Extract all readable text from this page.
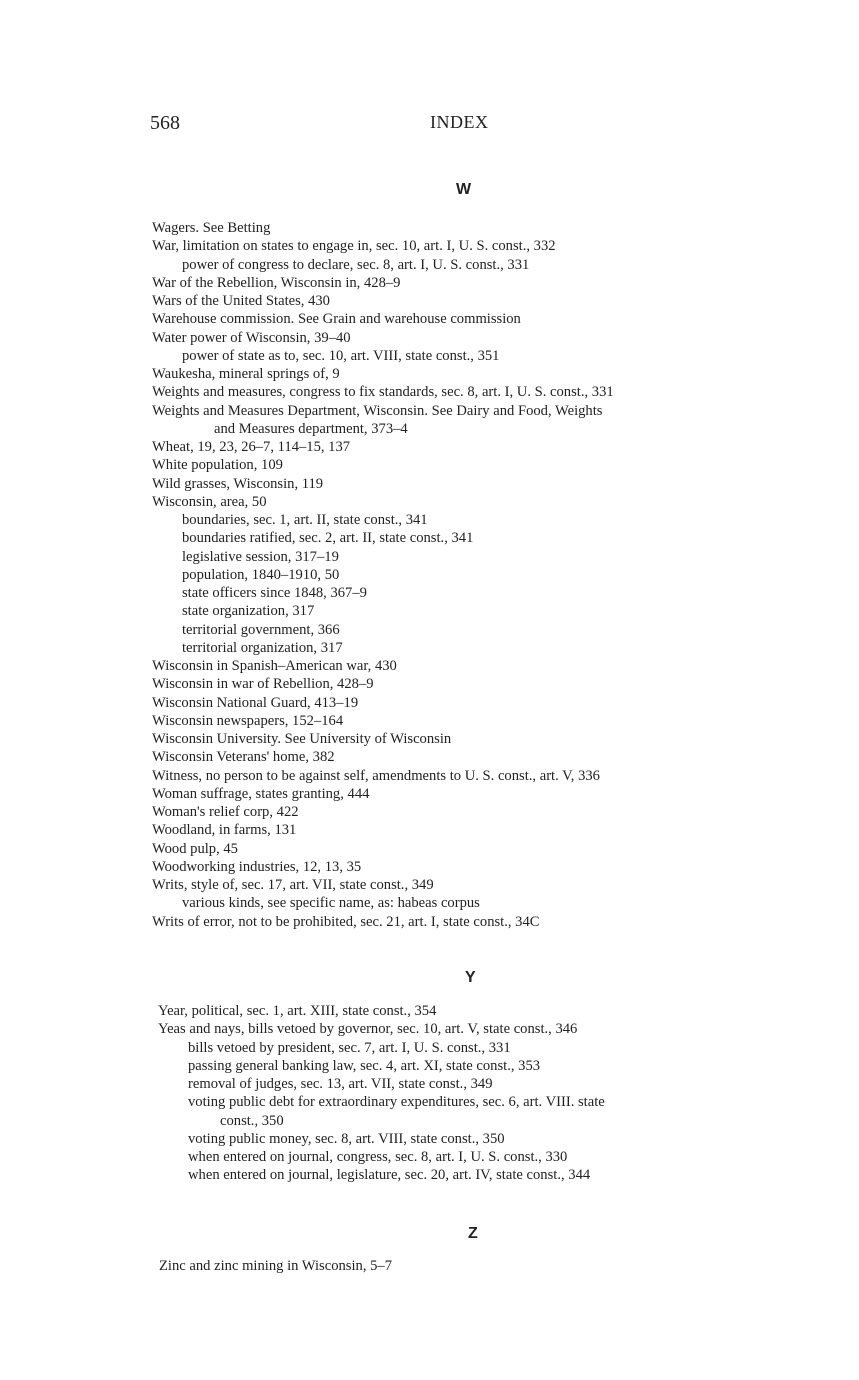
568	INDEX
W
Wagers. See Betting
War, limitation on states to engage in, sec. 10, art. I, U. S. const., 332
power of congress to declare, sec. 8, art. I, U. S. const., 331
War of the Rebellion, Wisconsin in, 428–9
Wars of the United States, 430
Warehouse commission. See Grain and warehouse commission
Water power of Wisconsin, 39–40
power of state as to, sec. 10, art. VIII, state const., 351
Waukesha, mineral springs of, 9
Weights and measures, congress to fix standards, sec. 8, art. I, U. S. const., 331
Weights and Measures Department, Wisconsin. See Dairy and Food, Weights
and Measures department, 373–4
Wheat, 19, 23, 26–7, 114–15, 137
White population, 109
Wild grasses, Wisconsin, 119
Wisconsin, area, 50
boundaries, sec. 1, art. II, state const., 341
boundaries ratified, sec. 2, art. II, state const., 341
legislative session, 317–19
population, 1840–1910, 50
state officers since 1848, 367–9
state organization, 317
territorial government, 366
territorial organization, 317
Wisconsin in Spanish–American war, 430
Wisconsin in war of Rebellion, 428–9
Wisconsin National Guard, 413–19
Wisconsin newspapers, 152–164
Wisconsin University. See University of Wisconsin
Wisconsin Veterans' home, 382
Witness, no person to be against self, amendments to U. S. const., art. V, 336
Woman suffrage, states granting, 444
Woman's relief corp, 422
Woodland, in farms, 131
Wood pulp, 45
Woodworking industries, 12, 13, 35
Writs, style of, sec. 17, art. VII, state const., 349
various kinds, see specific name, as: habeas corpus
Writs of error, not to be prohibited, sec. 21, art. I, state const., 34C
Y
Year, political, sec. 1, art. XIII, state const., 354
Yeas and nays, bills vetoed by governor, sec. 10, art. V, state const., 346
bills vetoed by president, sec. 7, art. I, U. S. const., 331
passing general banking law, sec. 4, art. XI, state const., 353
removal of judges, sec. 13, art. VII, state const., 349
voting public debt for extraordinary expenditures, sec. 6, art. VIII. state
const., 350
voting public money, sec. 8, art. VIII, state const., 350
when entered on journal, congress, sec. 8, art. I, U. S. const., 330
when entered on journal, legislature, sec. 20, art. IV, state const., 344
Z
Zinc and zinc mining in Wisconsin, 5–7
